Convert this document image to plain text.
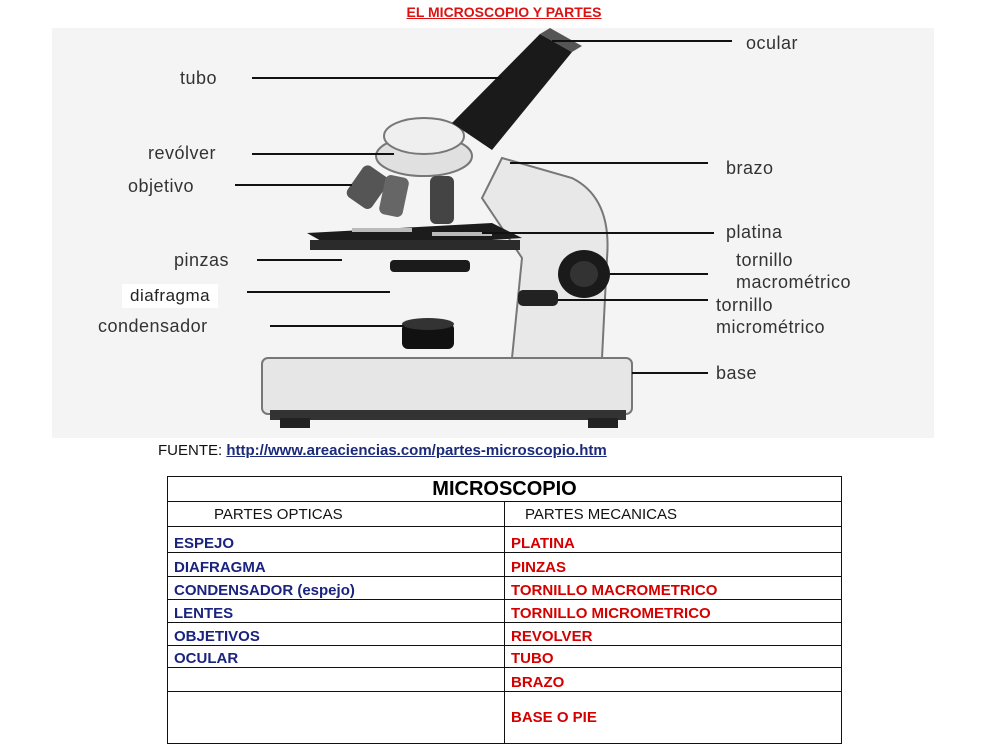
EL MICROSCOPIO Y PARTES
ocular
tubo
revólver
objetivo
brazo
platina
pinzas	tornillo
macrométrico
diafragma	tornillo
micrométrico
condensador
base
FUENTE: http://www.areaciencias.com/partes-microscopio.htm
MICROSCOPIO	
PARTES OPTICAS	PARTES MECANICAS
ESPEJO	PLATINA
DIAFRAGMA	PINZAS
CONDENSADOR (espejo)	TORNILLO MACROMETRICO
LENTES	TORNILLO MICROMETRICO
OBJETIVOS	REVOLVER
OCULAR	TUBO
	BRAZO
	BASE O PIE
